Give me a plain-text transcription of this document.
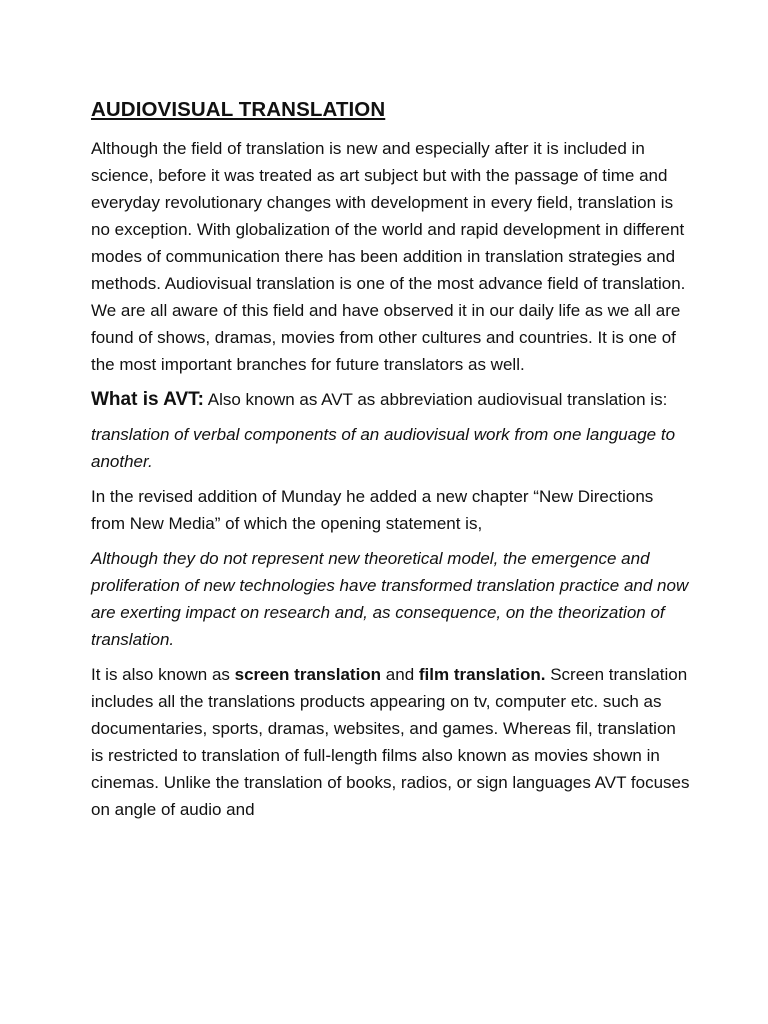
AUDIOVISUAL TRANSLATION

Although the field of translation is new and especially after it is included in science, before it was treated as art subject but with the passage of time and everyday revolutionary changes with development in every field, translation is no exception. With globalization of the world and rapid development in different modes of communication there has been addition in translation strategies and methods. Audiovisual translation is one of the most advance field of translation. We are all aware of this field and have observed it in our daily life as we all are found of shows, dramas, movies from other cultures and countries. It is one of the most important branches for future translators as well.

What is AVT: Also known as AVT as abbreviation audiovisual translation is:

translation of verbal components of an audiovisual work from one language to another.

In the revised addition of Munday he added a new chapter “New Directions from New Media” of which the opening statement is,

Although they do not represent new theoretical model, the emergence and proliferation of new technologies have transformed translation practice and now are exerting impact on research and, as consequence, on the theorization of translation.

It is also known as screen translation and film translation. Screen translation includes all the translations products appearing on tv, computer etc. such as documentaries, sports, dramas, websites, and games. Whereas fil, translation is restricted to translation of full-length films also known as movies shown in cinemas. Unlike the translation of books, radios, or sign languages AVT focuses on angle of audio and
